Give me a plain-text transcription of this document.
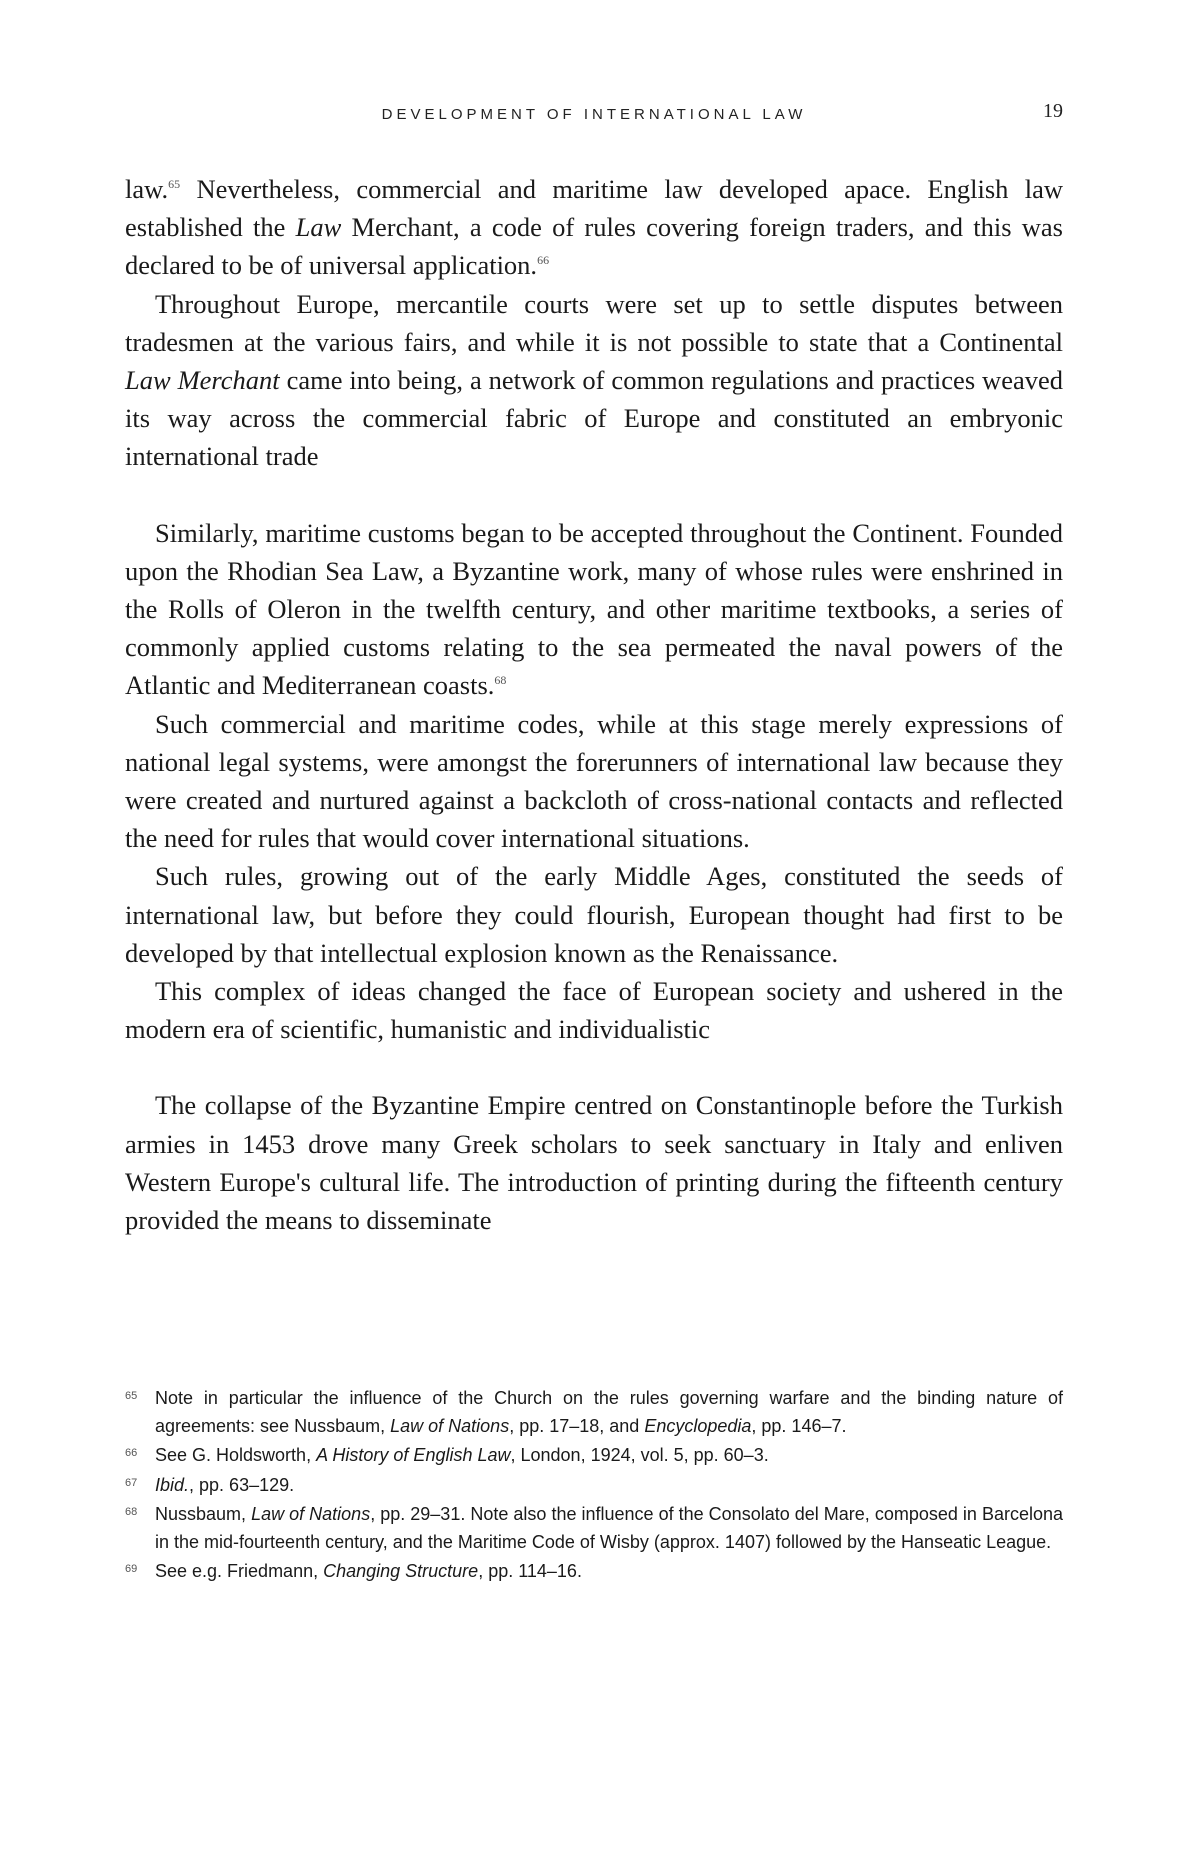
DEVELOPMENT OF INTERNATIONAL LAW	19

law.$^{65}$ Nevertheless, commercial and maritime law developed apace. English law established the Law Merchant, a code of rules covering foreign traders, and this was declared to be of universal application.$^{66}$

Throughout Europe, mercantile courts were set up to settle disputes between tradesmen at the various fairs, and while it is not possible to state that a Continental Law Merchant came into being, a network of common regulations and practices weaved its way across the commercial fabric of Europe and constituted an embryonic international trade

Similarly, maritime customs began to be accepted throughout the Continent. Founded upon the Rhodian Sea Law, a Byzantine work, many of whose rules were enshrined in the Rolls of Oleron in the twelfth century, and other maritime textbooks, a series of commonly applied customs relating to the sea permeated the naval powers of the Atlantic and Mediterranean coasts.$^{68}$

Such commercial and maritime codes, while at this stage merely expressions of national legal systems, were amongst the forerunners of international law because they were created and nurtured against a backcloth of cross-national contacts and reflected the need for rules that would cover international situations.

Such rules, growing out of the early Middle Ages, constituted the seeds of international law, but before they could flourish, European thought had first to be developed by that intellectual explosion known as the Renaissance.

This complex of ideas changed the face of European society and ushered in the modern era of scientific, humanistic and individualistic

The collapse of the Byzantine Empire centred on Constantinople before the Turkish armies in 1453 drove many Greek scholars to seek sanctuary in Italy and enliven Western Europe's cultural life. The introduction of printing during the fifteenth century provided the means to disseminate

65 Note in particular the influence of the Church on the rules governing warfare and the binding nature of agreements: see Nussbaum, Law of Nations, pp. 17–18, and Encyclopedia, pp. 146–7.
66 See G. Holdsworth, A History of English Law, London, 1924, vol. 5, pp. 60–3.
67 Ibid., pp. 63–129.
68 Nussbaum, Law of Nations, pp. 29–31. Note also the influence of the Consolato del Mare, composed in Barcelona in the mid-fourteenth century, and the Maritime Code of Wisby (approx. 1407) followed by the Hanseatic League.
69 See e.g. Friedmann, Changing Structure, pp. 114–16.
